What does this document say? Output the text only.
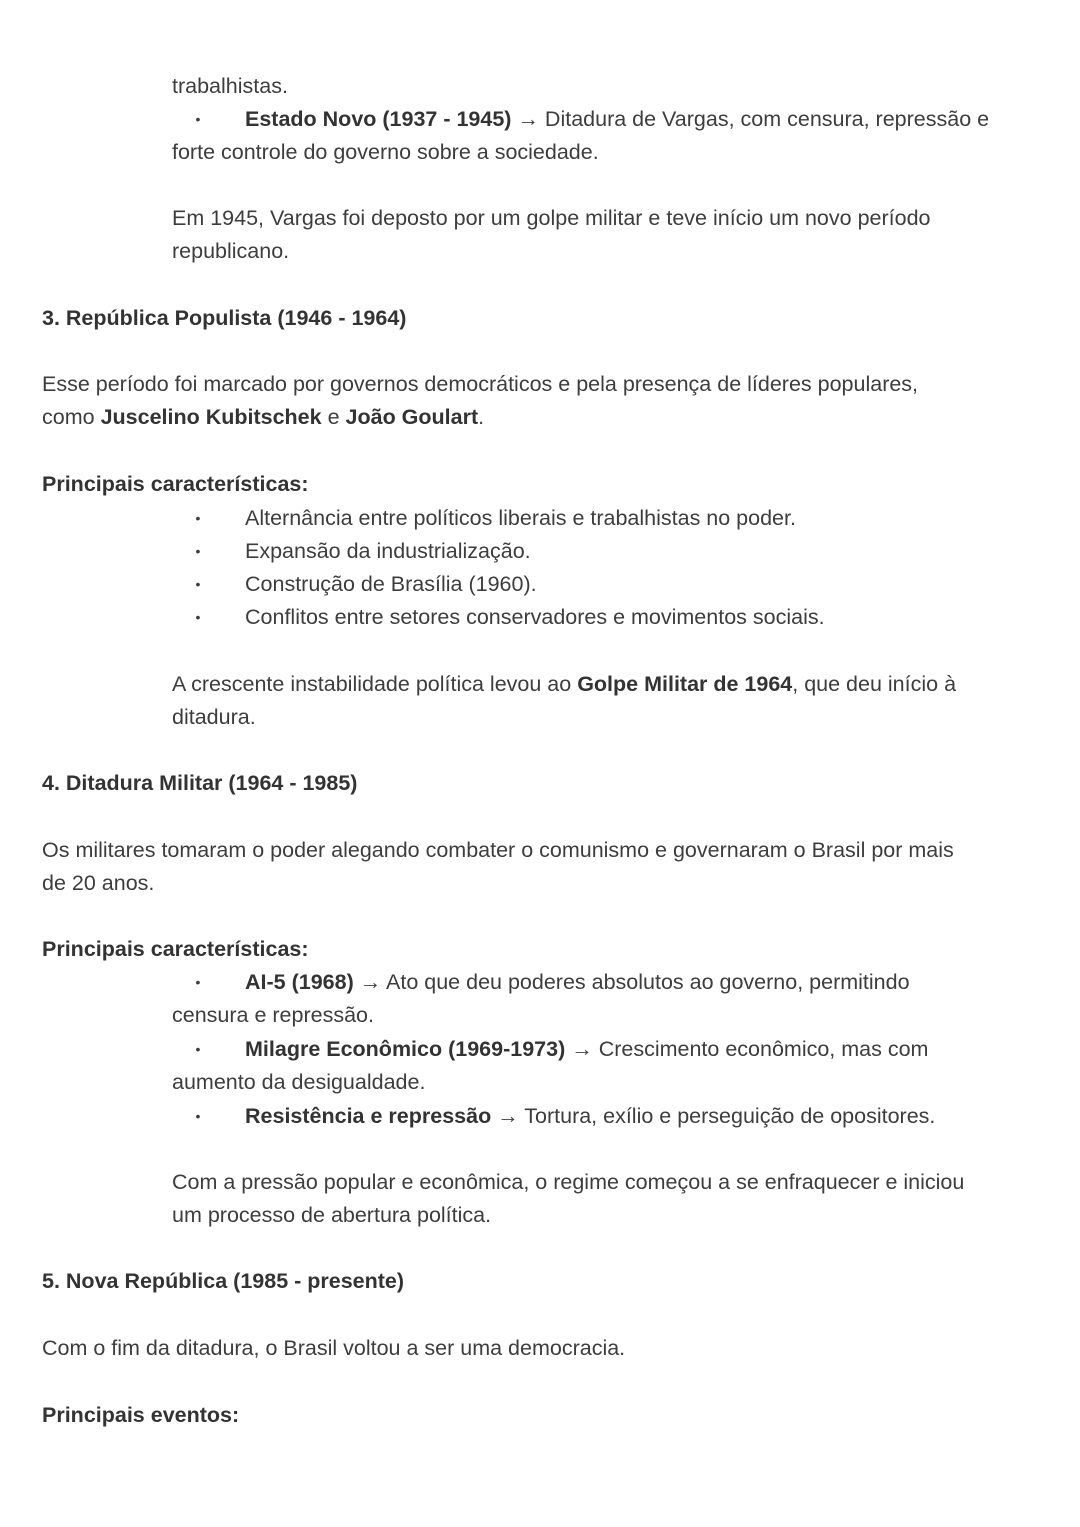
trabalhistas.
• Estado Novo (1937 - 1945) → Ditadura de Vargas, com censura, repressão e
forte controle do governo sobre a sociedade.
Em 1945, Vargas foi deposto por um golpe militar e teve início um novo período
republicano.
3. República Populista (1946 - 1964)
Esse período foi marcado por governos democráticos e pela presença de líderes populares,
como Juscelino Kubitschek e João Goulart.
Principais características:
• Alternância entre políticos liberais e trabalhistas no poder.
• Expansão da industrialização.
• Construção de Brasília (1960).
• Conflitos entre setores conservadores e movimentos sociais.
A crescente instabilidade política levou ao Golpe Militar de 1964, que deu início à
ditadura.
4. Ditadura Militar (1964 - 1985)
Os militares tomaram o poder alegando combater o comunismo e governaram o Brasil por mais
de 20 anos.
Principais características:
• AI-5 (1968) → Ato que deu poderes absolutos ao governo, permitindo
censura e repressão.
• Milagre Econômico (1969-1973) → Crescimento econômico, mas com
aumento da desigualdade.
• Resistência e repressão → Tortura, exílio e perseguição de opositores.
Com a pressão popular e econômica, o regime começou a se enfraquecer e iniciou
um processo de abertura política.
5. Nova República (1985 - presente)
Com o fim da ditadura, o Brasil voltou a ser uma democracia.
Principais eventos:
